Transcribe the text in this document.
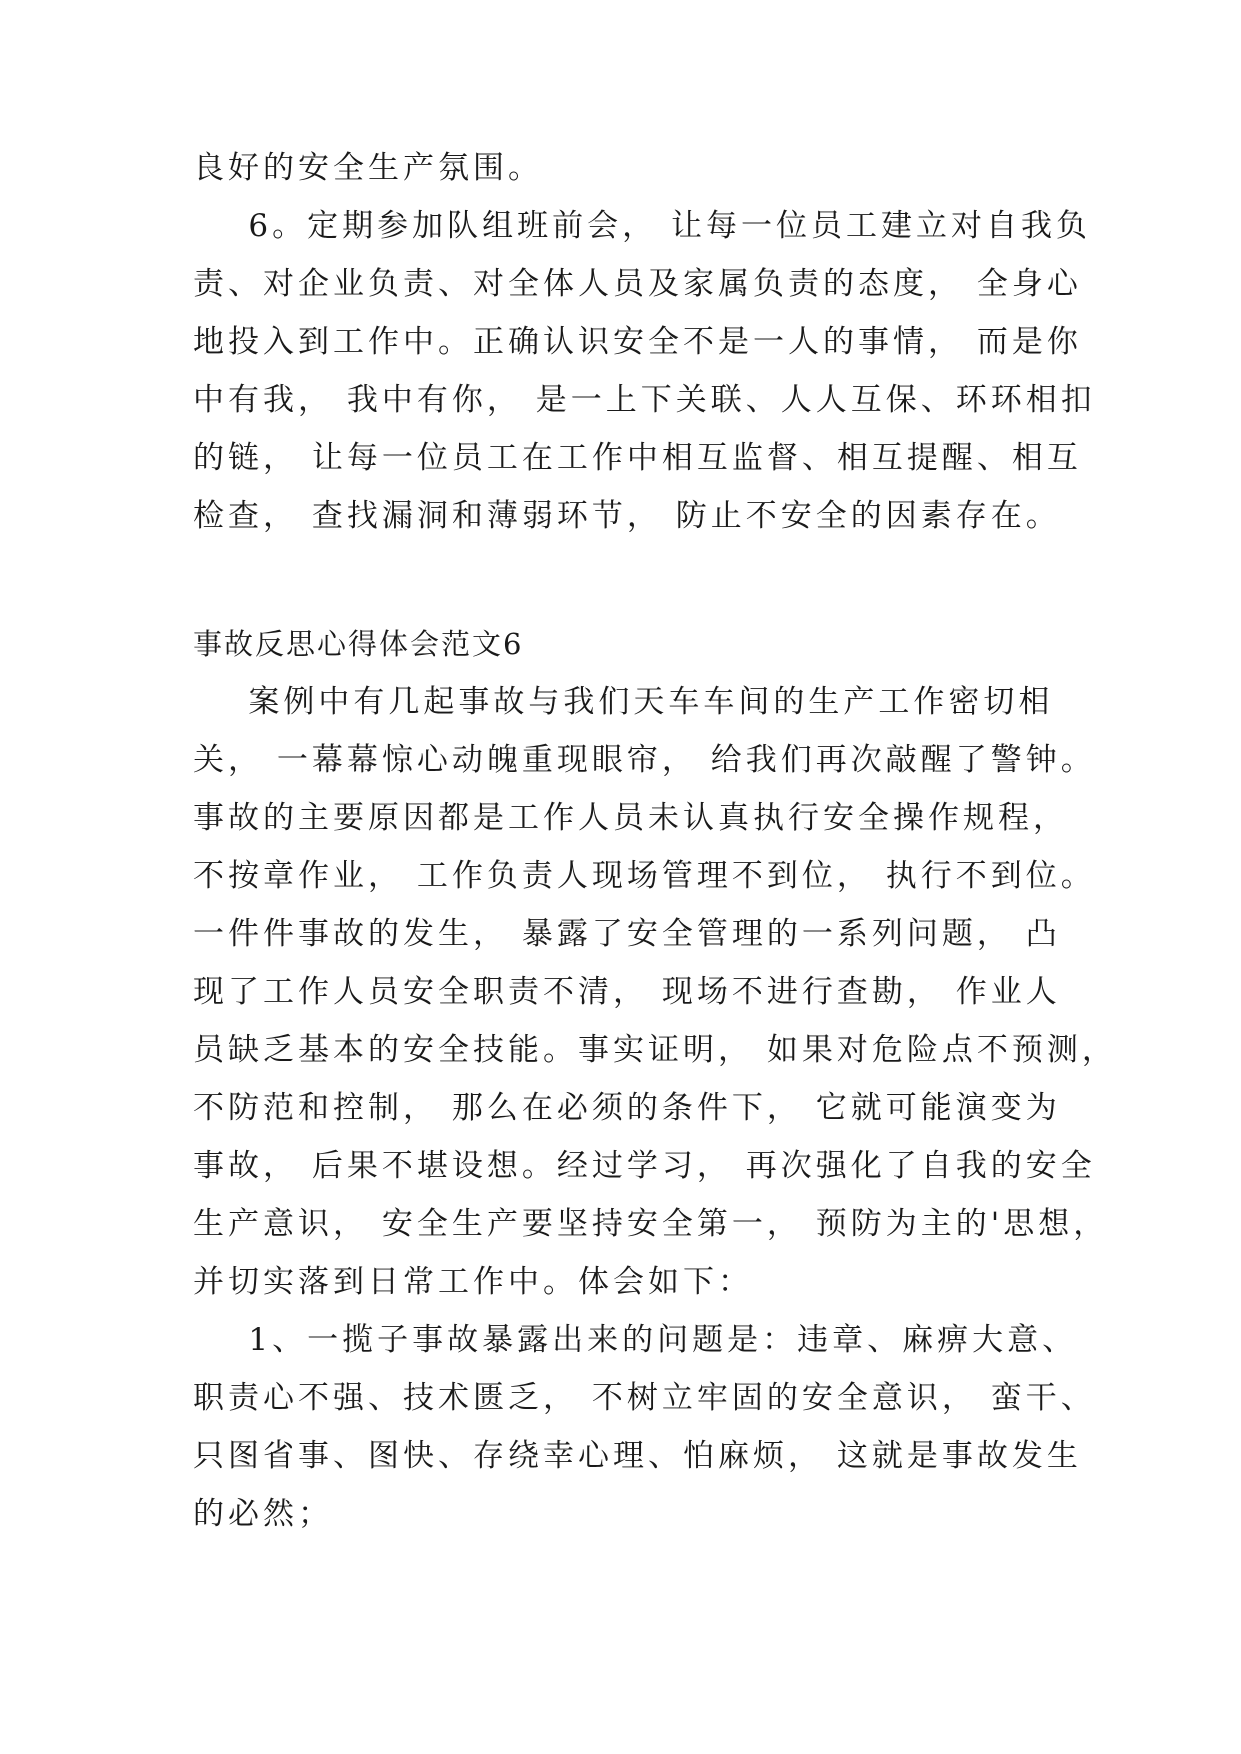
良好的安全生产氛围。
6。定期参加队组班前会， 让每一位员工建立对自我负
责、对企业负责、对全体人员及家属负责的态度， 全身心
地投入到工作中。正确认识安全不是一人的事情， 而是你
中有我， 我中有你， 是一上下关联、人人互保、环环相扣
的链， 让每一位员工在工作中相互监督、相互提醒、相互
检查， 查找漏洞和薄弱环节， 防止不安全的因素存在。
事故反思心得体会范文6
案例中有几起事故与我们天车车间的生产工作密切相
关， 一幕幕惊心动魄重现眼帘， 给我们再次敲醒了警钟。
事故的主要原因都是工作人员未认真执行安全操作规程，
不按章作业， 工作负责人现场管理不到位， 执行不到位。
一件件事故的发生， 暴露了安全管理的一系列问题， 凸
现了工作人员安全职责不清， 现场不进行查勘， 作业人
员缺乏基本的安全技能。事实证明， 如果对危险点不预测，
不防范和控制， 那么在必须的条件下， 它就可能演变为
事故， 后果不堪设想。经过学习， 再次强化了自我的安全
生产意识， 安全生产要坚持安全第一， 预防为主的'思想，
并切实落到日常工作中。体会如下：
1、一揽子事故暴露出来的问题是：违章、麻痹大意、
职责心不强、技术匮乏， 不树立牢固的安全意识， 蛮干、
只图省事、图快、存绕幸心理、怕麻烦， 这就是事故发生
的必然；
